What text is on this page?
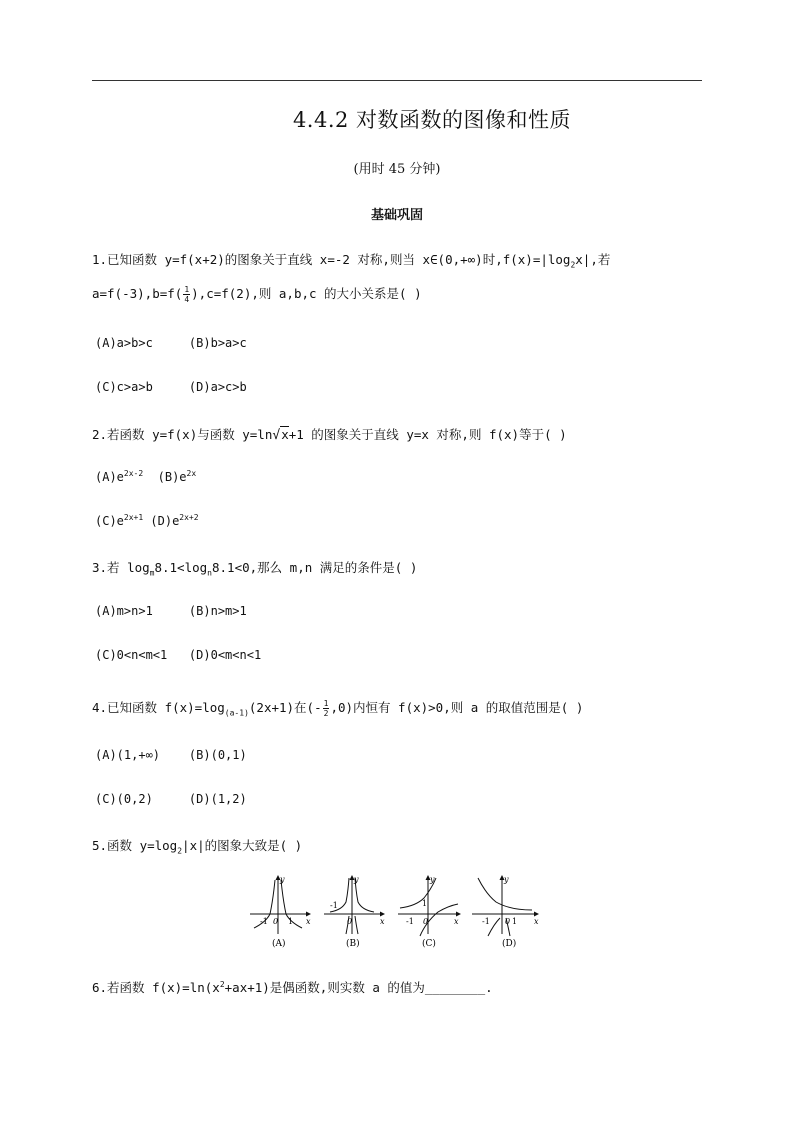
4.4.2 对数函数的图像和性质
(用时 45 分钟)
基础巩固
1.已知函数 y=f(x+2)的图象关于直线 x=-2 对称,则当 x∈(0,+∞)时$,f(x)=|\log_2x|$,若
$a=f(-3),b=f( \frac{1}{4} ),c=f(2)$,则 a,b,c 的大小关系是( )
(A)a>b>c     (B)b>a>c
(C)c>a>b     (D)a>c>b
2.若函数 y=f(x)与函数 y=ln√x+1 的图象关于直线 y=x 对称,则 f(x)等于( )
$(A)e^{2x-2}$  $(B)e^{2x}$
$(C)e^{2x+1}$ $(D)e^{2x+2}$
3.若 $\log_m8.1<\log_n8.1<0$,那么 m,n 满足的条件是( )
(A)m>n>1     (B)n>m>1
(C)0<n<m<1   (D)0<m<n<1
4.已知函数 $f(x)=\log_{(a-1)}(2x+1)$在(- $\frac{1}{2} ,0$)内恒有 f(x)>0,则 a 的取值范围是( )
(A)(1,+∞)    (B)(0,1)
(C)(0,2)     (D)(1,2)
5.函数 $y=\log_2|x|$的图象大致是( )
y
x
-1 0 1
(A)
y
x
-1
0
(B)
y
x
1
-1 0
(C)
y
x
-1 0 1
(D)
6.若函数 $f(x)=\ln(x^2+ax+1)$是偶函数,则实数 a 的值为________.
